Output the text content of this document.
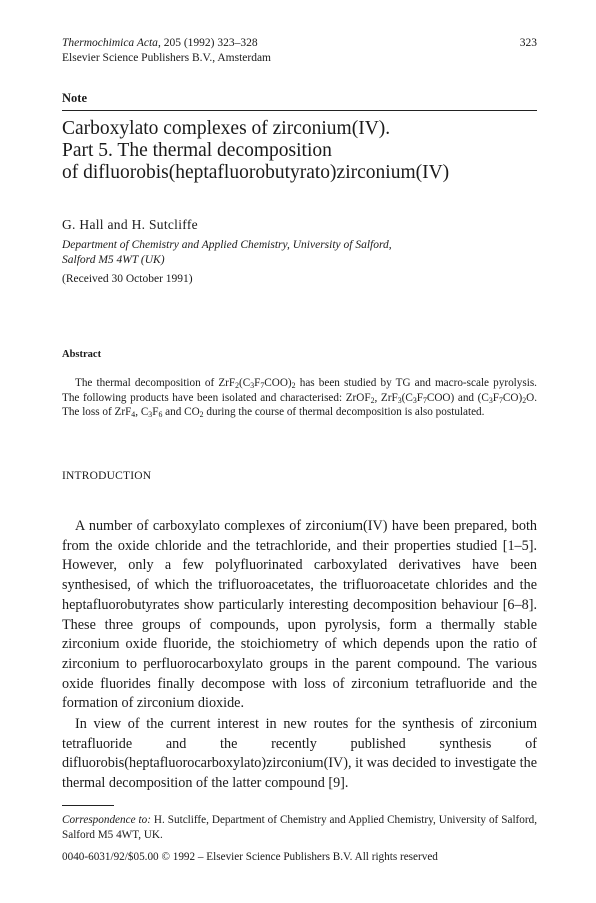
Thermochimica Acta, 205 (1992) 323–328
Elsevier Science Publishers B.V., Amsterdam
323
Note
Carboxylato complexes of zirconium(IV).
Part 5. The thermal decomposition
of difluorobis(heptafluorobutyrato)zirconium(IV)
G. Hall and H. Sutcliffe
Department of Chemistry and Applied Chemistry, University of Salford,
Salford M5 4WT (UK)
(Received 30 October 1991)
Abstract
The thermal decomposition of $ZrF_2(C_3F_7COO)_2$ has been studied by TG and macro-scale pyrolysis. The following products have been isolated and characterised: ZrOF$_2$, $ZrF_3(C_3F_7COO)$ and $(C_3F_7CO)_2O$. The loss of ZrF$_4$, $C_3F_6$ and $CO_2$ during the course of thermal decomposition is also postulated.
INTRODUCTION
A number of carboxylato complexes of zirconium(IV) have been prepared, both from the oxide chloride and the tetrachloride, and their properties studied [1–5]. However, only a few polyfluorinated carboxylated derivatives have been synthesised, of which the trifluoroacetates, the trifluoroacetate chlorides and the heptafluorobutyrates show particularly interesting decomposition behaviour [6–8]. These three groups of compounds, upon pyrolysis, form a thermally stable zirconium oxide fluoride, the stoichiometry of which depends upon the ratio of zirconium to perfluorocarboxylato groups in the parent compound. The various oxide fluorides finally decompose with loss of zirconium tetrafluoride and the formation of zirconium dioxide.
In view of the current interest in new routes for the synthesis of zirconium tetrafluoride and the recently published synthesis of difluorobis(heptafluorocarboxylato)zirconium(IV), it was decided to investigate the thermal decomposition of the latter compound [9].
Correspondence to: H. Sutcliffe, Department of Chemistry and Applied Chemistry, University of Salford, Salford M5 4WT, UK.
0040-6031/92/$05.00 © 1992 – Elsevier Science Publishers B.V. All rights reserved
